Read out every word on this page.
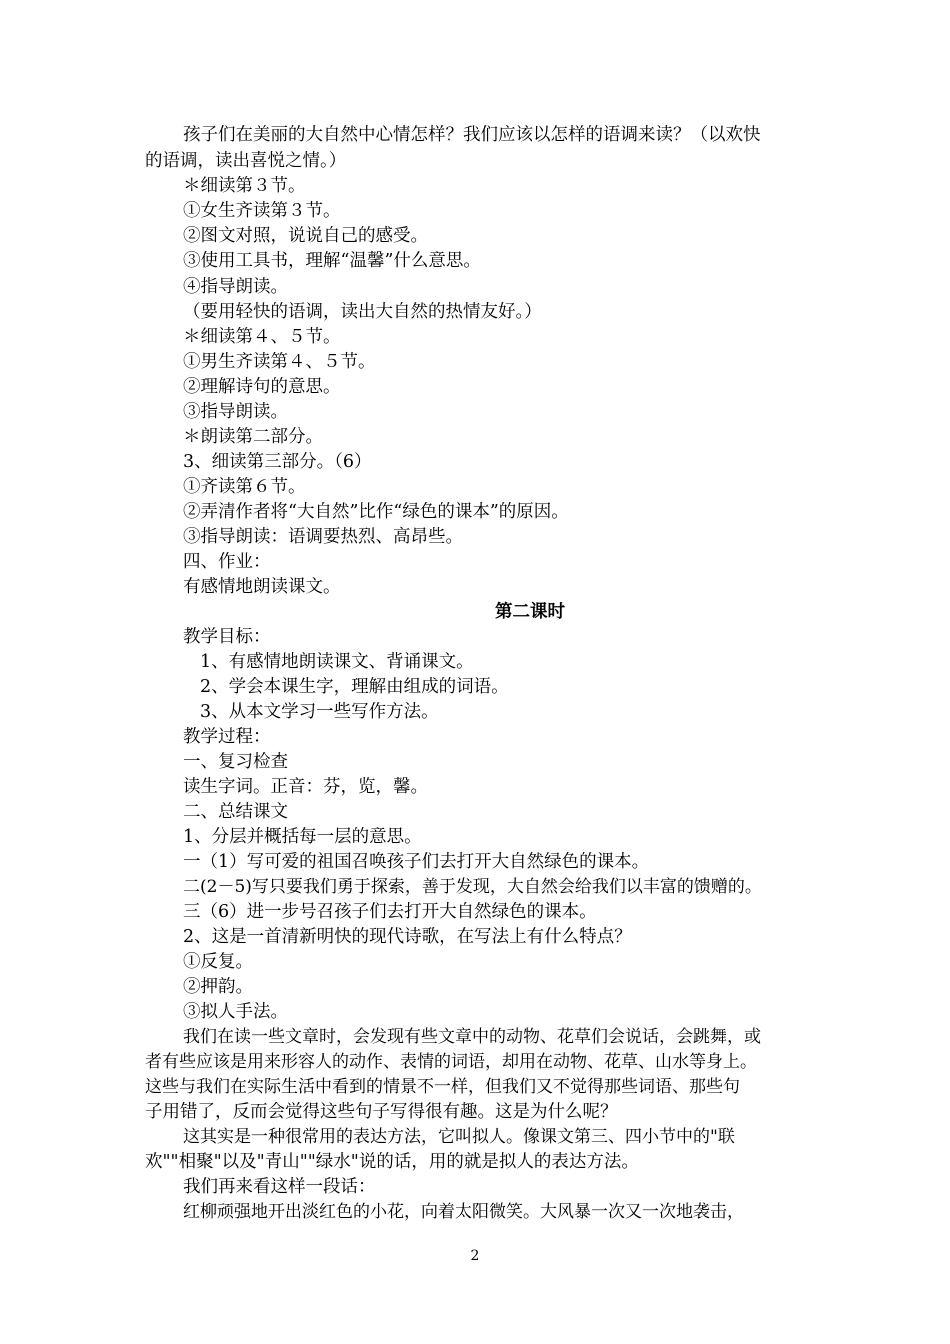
孩子们在美丽的大自然中心情怎样？我们应该以怎样的语调来读？（以欢快
的语调，读出喜悦之情。）
＊细读第３节。
①女生齐读第３节。
②图文对照，说说自己的感受。
③使用工具书，理解“温馨”什么意思。
④指导朗读。
（要用轻快的语调，读出大自然的热情友好。）
＊细读第４、５节。
①男生齐读第４、５节。
②理解诗句的意思。
③指导朗读。
＊朗读第二部分。
3、细读第三部分。（6）
①齐读第６节。
②弄清作者将“大自然”比作“绿色的课本”的原因。
③指导朗读：语调要热烈、高昂些。
四、作业：
有感情地朗读课文。
第二课时
教学目标：
1、有感情地朗读课文、背诵课文。
2、学会本课生字，理解由组成的词语。
3、从本文学习一些写作方法。
教学过程：
一、复习检查
读生字词。正音：芬，览，馨。
二、总结课文
1、分层并概括每一层的意思。
一（1）写可爱的祖国召唤孩子们去打开大自然绿色的课本。
二(2－5)写只要我们勇于探索，善于发现，大自然会给我们以丰富的馈赠的。
三（6）进一步号召孩子们去打开大自然绿色的课本。
2、这是一首清新明快的现代诗歌，在写法上有什么特点？
①反复。
②押韵。
③拟人手法。
我们在读一些文章时，会发现有些文章中的动物、花草们会说话，会跳舞，或
者有些应该是用来形容人的动作、表情的词语，却用在动物、花草、山水等身上。
这些与我们在实际生活中看到的情景不一样，但我们又不觉得那些词语、那些句
子用错了，反而会觉得这些句子写得很有趣。这是为什么呢？
这其实是一种很常用的表达方法，它叫拟人。像课文第三、四小节中的"联
欢""相聚"以及"青山""绿水"说的话，用的就是拟人的表达方法。
我们再来看这样一段话：
红柳顽强地开出淡红色的小花，向着太阳微笑。大风暴一次又一次地袭击，
2
